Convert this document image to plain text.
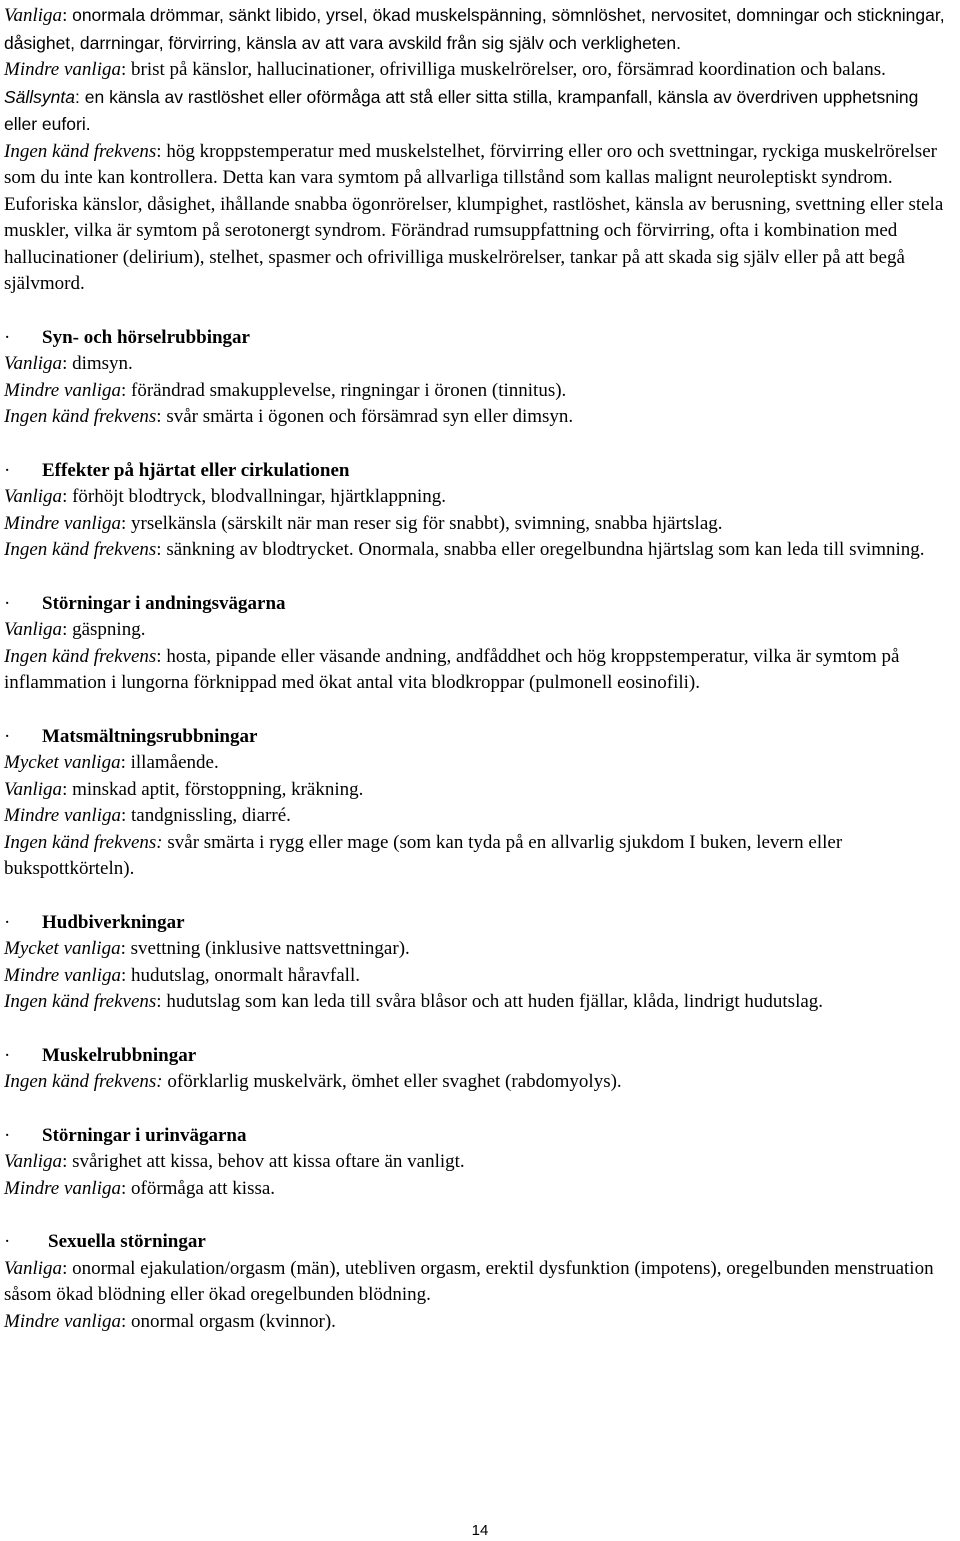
Vanliga: onormala drömmar, sänkt libido, yrsel, ökad muskelspänning, sömnlöshet, nervositet, domningar och stickningar, dåsighet, darrningar, förvirring, känsla av att vara avskild från sig själv och verkligheten.

Mindre vanliga: brist på känslor, hallucinationer, ofrivilliga muskelrörelser, oro, försämrad koordination och balans.

Sällsynta: en känsla av rastlöshet eller oförmåga att stå eller sitta stilla, krampanfall, känsla av överdriven upphetsning eller eufori.

Ingen känd frekvens: hög kroppstemperatur med muskelstelhet, förvirring eller oro och svettningar, ryckiga muskelrörelser som du inte kan kontrollera. Detta kan vara symtom på allvarliga tillstånd som kallas malignt neuroleptiskt syndrom. Euforiska känslor, dåsighet, ihållande snabba ögonrörelser, klumpighet, rastlöshet, känsla av berusning, svettning eller stela muskler, vilka är symtom på serotonergt syndrom. Förändrad rumsuppfattning och förvirring, ofta i kombination med hallucinationer (delirium), stelhet, spasmer och ofrivilliga muskelrörelser, tankar på att skada sig själv eller på att begå självmord.

· Syn- och hörselrubbingar

Vanliga: dimsyn.

Mindre vanliga: förändrad smakupplevelse, ringningar i öronen (tinnitus).

Ingen känd frekvens: svår smärta i ögonen och försämrad syn eller dimsyn.

· Effekter på hjärtat eller cirkulationen

Vanliga: förhöjt blodtryck, blodvallningar, hjärtklappning.

Mindre vanliga: yrselkänsla (särskilt när man reser sig för snabbt), svimning, snabba hjärtslag.

Ingen känd frekvens: sänkning av blodtrycket. Onormala, snabba eller oregelbundna hjärtslag som kan leda till svimning.

· Störningar i andningsvägarna

Vanliga: gäspning.

Ingen känd frekvens: hosta, pipande eller väsande andning, andfåddhet och hög kroppstemperatur, vilka är symtom på inflammation i lungorna förknippad med ökat antal vita blodkroppar (pulmonell eosinofili).

· Matsmältningsrubbningar

Mycket vanliga: illamående.

Vanliga: minskad aptit, förstoppning, kräkning.

Mindre vanliga: tandgnissling, diarré.

Ingen känd frekvens: svår smärta i rygg eller mage (som kan tyda på en allvarlig sjukdom I buken, levern eller bukspottkörteln).

· Hudbiverkningar

Mycket vanliga: svettning (inklusive nattsvettningar).

Mindre vanliga: hudutslag, onormalt håravfall.

Ingen känd frekvens: hudutslag som kan leda till svåra blåsor och att huden fjällar, klåda, lindrigt hudutslag.

· Muskelrubbningar

Ingen känd frekvens: oförklarlig muskelvärk, ömhet eller svaghet (rabdomyolys).

· Störningar i urinvägarna

Vanliga: svårighet att kissa, behov att kissa oftare än vanligt.

Mindre vanliga: oförmåga att kissa.

· Sexuella störningar

Vanliga: onormal ejakulation/orgasm (män), utebliven orgasm, erektil dysfunktion (impotens), oregelbunden menstruation såsom ökad blödning eller ökad oregelbunden blödning.

Mindre vanliga: onormal orgasm (kvinnor).

14
